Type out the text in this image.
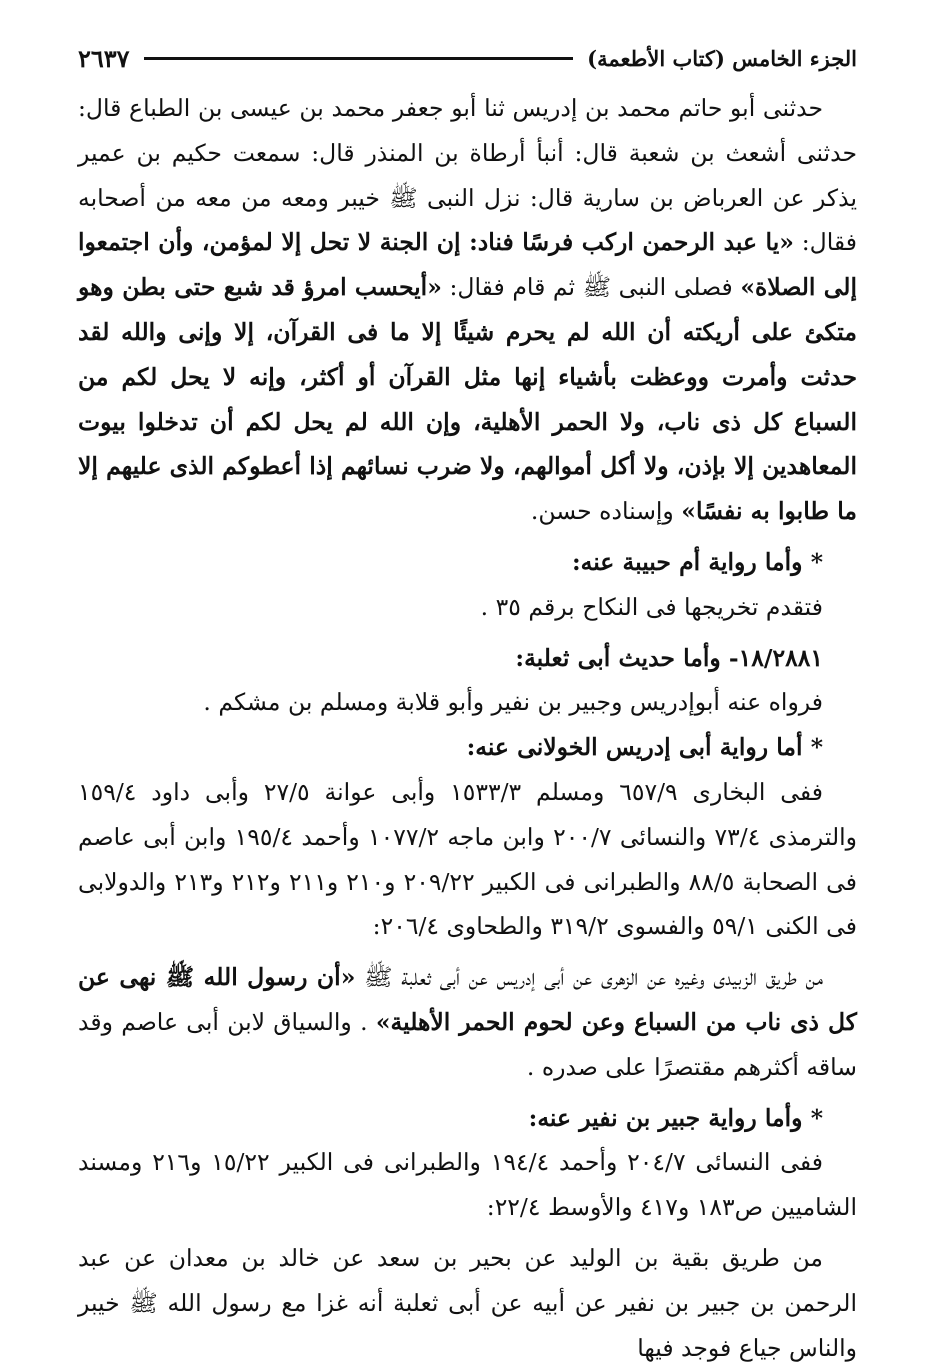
الجزء الخامس (كتاب الأطعمة)
٢٦٣٧

حدثنى أبو حاتم محمد بن إدريس ثنا أبو جعفر محمد بن عيسى بن الطباع قال: حدثنى أشعث بن شعبة قال: أنبأ أرطاة بن المنذر قال: سمعت حكيم بن عمير يذكر عن العرباض بن سارية قال: نزل النبى ﷺ خيبر ومعه من معه من أصحابه فقال: «يا عبد الرحمن اركب فرسًا فناد: إن الجنة لا تحل إلا لمؤمن، وأن اجتمعوا إلى الصلاة» فصلى النبى ﷺ ثم قام فقال: «أيحسب امرؤ قد شبع حتى بطن وهو متكئ على أريكته أن الله لم يحرم شيئًا إلا ما فى القرآن، إلا وإنى والله لقد حدثت وأمرت ووعظت بأشياء إنها مثل القرآن أو أكثر، وإنه لا يحل لكم من السباع كل ذى ناب، ولا الحمر الأهلية، وإن الله لم يحل لكم أن تدخلوا بيوت المعاهدين إلا بإذن، ولا أكل أموالهم، ولا ضرب نسائهم إذا أعطوكم الذى عليهم إلا ما طابوا به نفسًا» وإسناده حسن.

* وأما رواية أم حبيبة عنه:

فتقدم تخريجها فى النكاح برقم ٣٥ .

١٨/٢٨٨١- وأما حديث أبى ثعلبة:

فرواه عنه أبوإدريس وجبير بن نفير وأبو قلابة ومسلم بن مشكم .

* أما رواية أبى إدريس الخولانى عنه:

ففى البخارى ٦٥٧/٩ ومسلم ١٥٣٣/٣ وأبى عوانة ٢٧/٥ وأبى داود ١٥٩/٤ والترمذى ٧٣/٤ والنسائى ٢٠٠/٧ وابن ماجه ١٠٧٧/٢ وأحمد ١٩٥/٤ وابن أبى عاصم فى الصحابة ٨٨/٥ والطبرانى فى الكبير ٢٠٩/٢٢ و٢١٠ و٢١١ و٢١٢ و٢١٣ والدولابى فى الكنى ٥٩/١ والفسوى ٣١٩/٢ والطحاوى ٢٠٦/٤:

من طريق الزبيدى وغيره عن الزهرى عن أبى إدريس عن أبى ثعلبة ﷺ «أن رسول الله ﷺ نهى عن كل ذى ناب من السباع وعن لحوم الحمر الأهلية» . والسياق لابن أبى عاصم وقد ساقه أكثرهم مقتصرًا على صدره .

* وأما رواية جبير بن نفير عنه:

ففى النسائى ٢٠٤/٧ وأحمد ١٩٤/٤ والطبرانى فى الكبير ١٥/٢٢ و٢١٦ ومسند الشاميين ص١٨٣ و٤١٧ والأوسط ٢٢/٤:

من طريق بقية بن الوليد عن بحير بن سعد عن خالد بن معدان عن عبد الرحمن بن جبير بن نفير عن أبيه عن أبى ثعلبة أنه غزا مع رسول الله ﷺ خيبر والناس جياع فوجد فيها
